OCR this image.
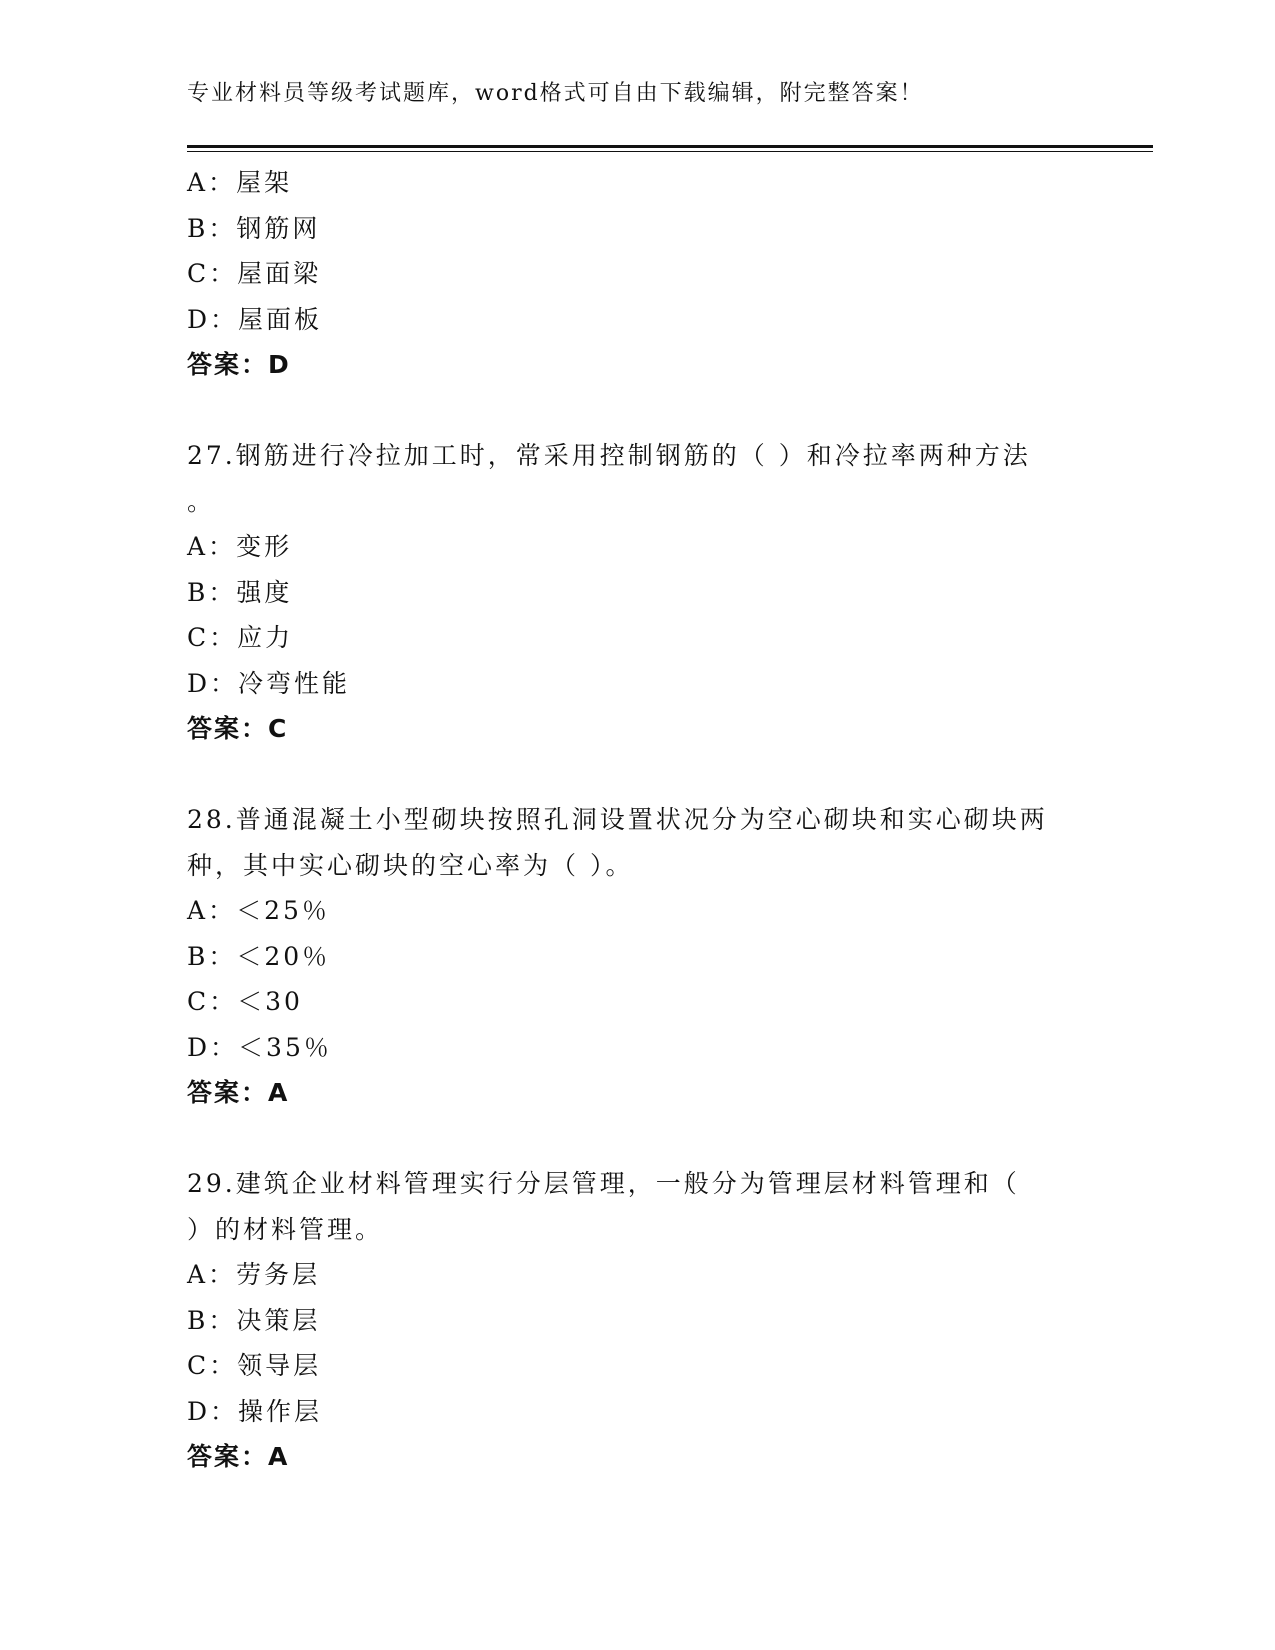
专业材料员等级考试题库，word格式可自由下载编辑，附完整答案！
A：屋架
B：钢筋网
C：屋面梁
D：屋面板
答案：D
27.钢筋进行冷拉加工时，常采用控制钢筋的（ ）和冷拉率两种方法
。
A：变形
B：强度
C：应力
D：冷弯性能
答案：C
28.普通混凝土小型砌块按照孔洞设置状况分为空心砌块和实心砌块两
种，其中实心砌块的空心率为（ ）。
A：＜25％
B：＜20％
C：＜30
D：＜35％
答案：A
29.建筑企业材料管理实行分层管理，一般分为管理层材料管理和（
）的材料管理。
A：劳务层
B：决策层
C：领导层
D：操作层
答案：A
